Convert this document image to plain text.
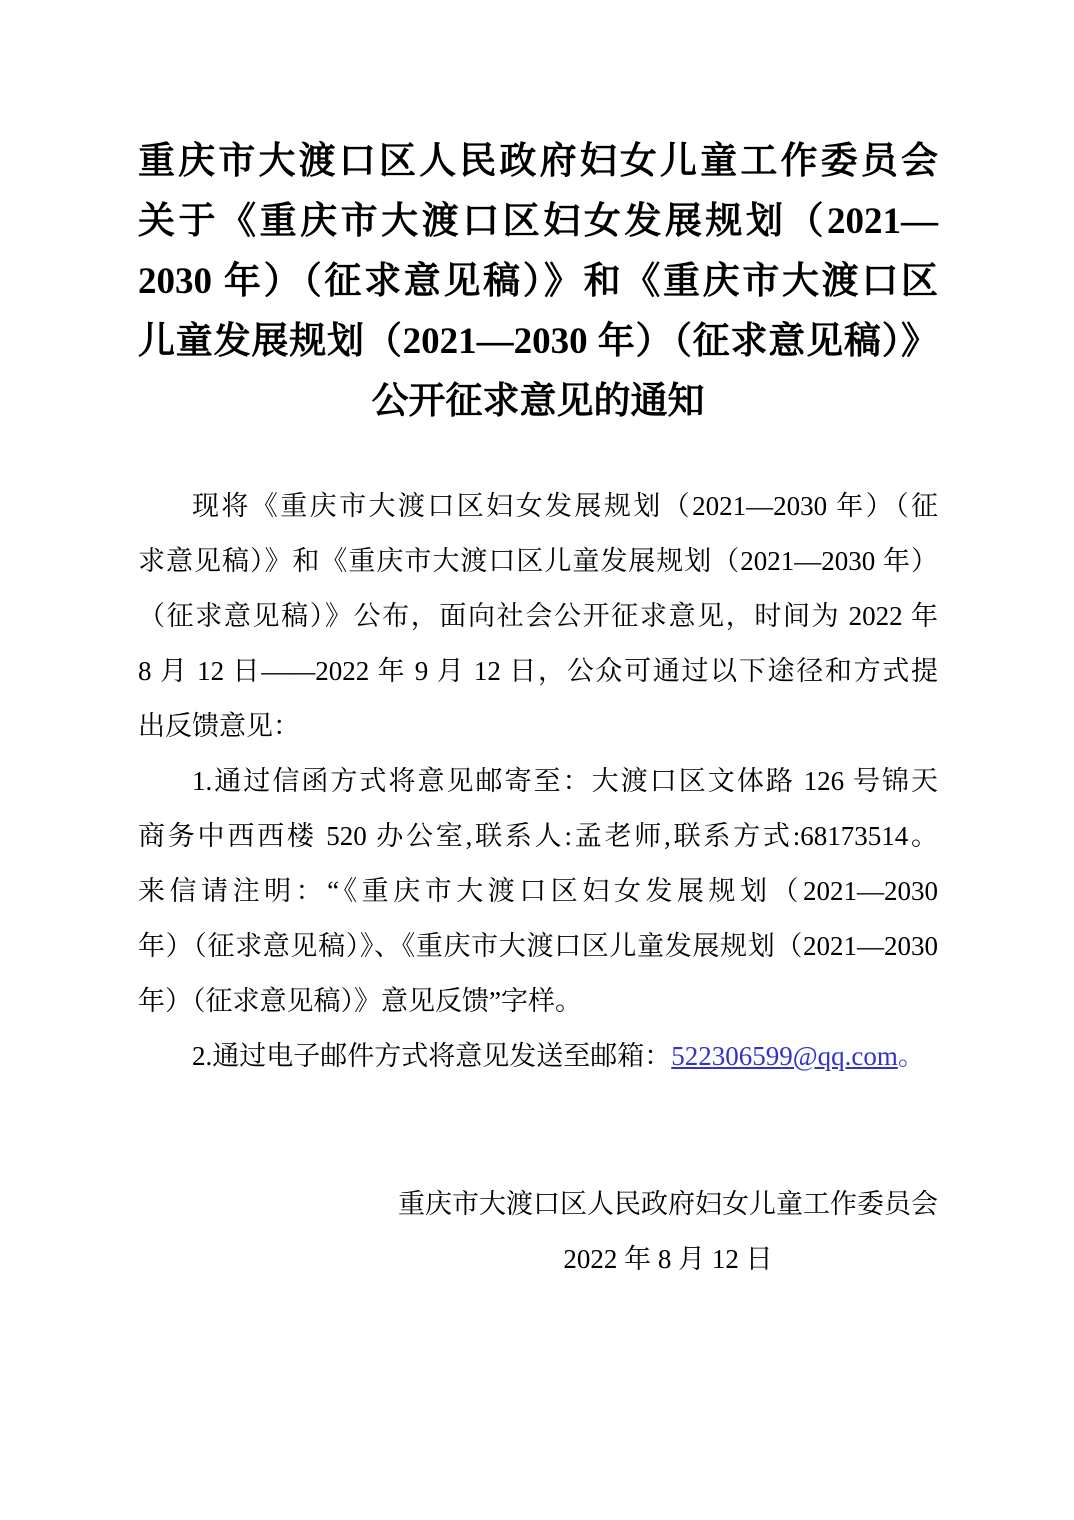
重庆市大渡口区人民政府妇女儿童工作委员会
关于《重庆市大渡口区妇女发展规划（2021—
2030 年）（征求意见稿）》和《重庆市大渡口区
儿童发展规划（2021—2030 年）（征求意见稿）》
公开征求意见的通知
现将《重庆市大渡口区妇女发展规划（2021—2030 年）（征
求意见稿）》和《重庆市大渡口区儿童发展规划（2021—2030 年）
（征求意见稿）》公布，面向社会公开征求意见，时间为 2022 年
8 月 12 日——2022 年 9 月 12 日，公众可通过以下途径和方式提
出反馈意见：
1.通过信函方式将意见邮寄至：大渡口区文体路 126 号锦天
商务中西西楼 520 办公室,联系人:孟老师,联系方式:68173514。
来信请注明：“《重庆市大渡口区妇女发展规划（2021—2030
年）（征求意见稿）》、《重庆市大渡口区儿童发展规划（2021—2030
年）（征求意见稿）》意见反馈”字样。
2.通过电子邮件方式将意见发送至邮箱：522306599@qq.com。
重庆市大渡口区人民政府妇女儿童工作委员会
2022 年 8 月 12 日
